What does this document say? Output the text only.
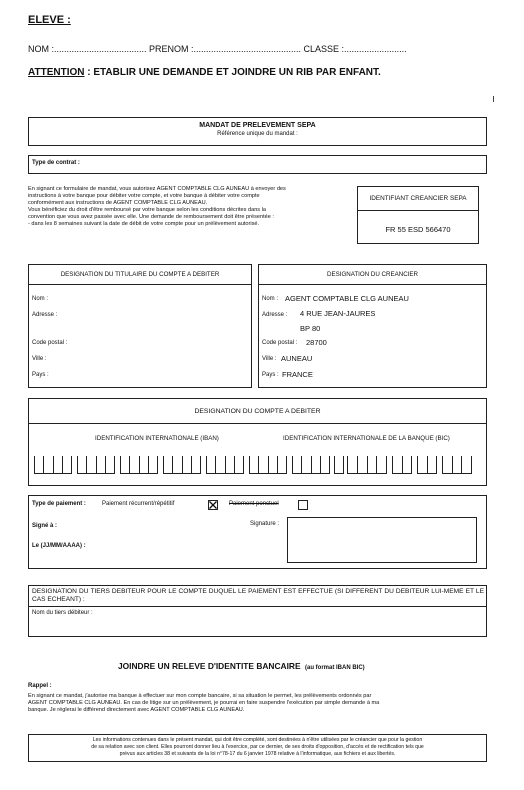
ELEVE :
NOM :..................................... PRENOM :........................................... CLASSE :.........................
ATTENTION : ETABLIR UNE DEMANDE ET JOINDRE UN RIB PAR ENFANT.
MANDAT DE PRELEVEMENT SEPA
Référence unique du mandat :
Type de contrat :
En signant ce formulaire de mandat, vous autorisez AGENT COMPTABLE CLG AUNEAU à envoyer des
instructions à votre banque pour débiter votre compte, et votre banque à débiter votre compte
conformément aux instructions de AGENT COMPTABLE CLG AUNEAU.
Vous bénéficiez du droit d'être remboursé par votre banque selon les conditions décrites dans la
convention que vous avez passée avec elle. Une demande de remboursement doit être présentée :
- dans les 8 semaines suivant la date de débit de votre compte pour un prélèvement autorisé.
IDENTIFIANT CREANCIER SEPA
FR 55 ESD 566470
DESIGNATION DU TITULAIRE DU COMPTE A DEBITER
Nom :
Adresse :
Code postal :
Ville :
Pays :
DESIGNATION DU CREANCIER
Nom : AGENT COMPTABLE CLG AUNEAU
Adresse : 4 RUE JEAN-JAURES
BP 80
Code postal : 28700
Ville : AUNEAU
Pays : FRANCE
DESIGNATION DU COMPTE A DEBITER
IDENTIFICATION INTERNATIONALE (IBAN)	IDENTIFICATION INTERNATIONALE DE LA BANQUE (BIC)
Type de paiement :	Paiement récurrent/répétitif	Paiement ponctuel
Signé à :
Le (JJ/MM/AAAA) :
Signature :
DESIGNATION DU TIERS DEBITEUR POUR LE COMPTE DUQUEL LE PAIEMENT EST EFFECTUE (SI DIFFERENT DU DEBITEUR LUI-MEME ET LE CAS ECHEANT) :
Nom du tiers débiteur :
JOINDRE UN RELEVE D'IDENTITE BANCAIRE (au format IBAN BIC)
Rappel :
En signant ce mandat, j'autorise ma banque à effectuer sur mon compte bancaire, si sa situation le permet, les prélèvements ordonnés par
AGENT COMPTABLE CLG AUNEAU. En cas de litige sur un prélèvement, je pourrai en faire suspendre l'exécution par simple demande à ma
banque. Je réglerai le différend directement avec AGENT COMPTABLE CLG AUNEAU.
Les informations contenues dans le présent mandat, qui doit être complété, sont destinées à n'être utilisées par le créancier que pour la gestion
de sa relation avec son client. Elles pourront donner lieu à l'exercice, par ce dernier, de ses droits d'opposition, d'accès et de rectification tels que
prévus aux articles 38 et suivants de la loi n°78-17 du 6 janvier 1978 relative à l'informatique, aux fichiers et aux libertés.
